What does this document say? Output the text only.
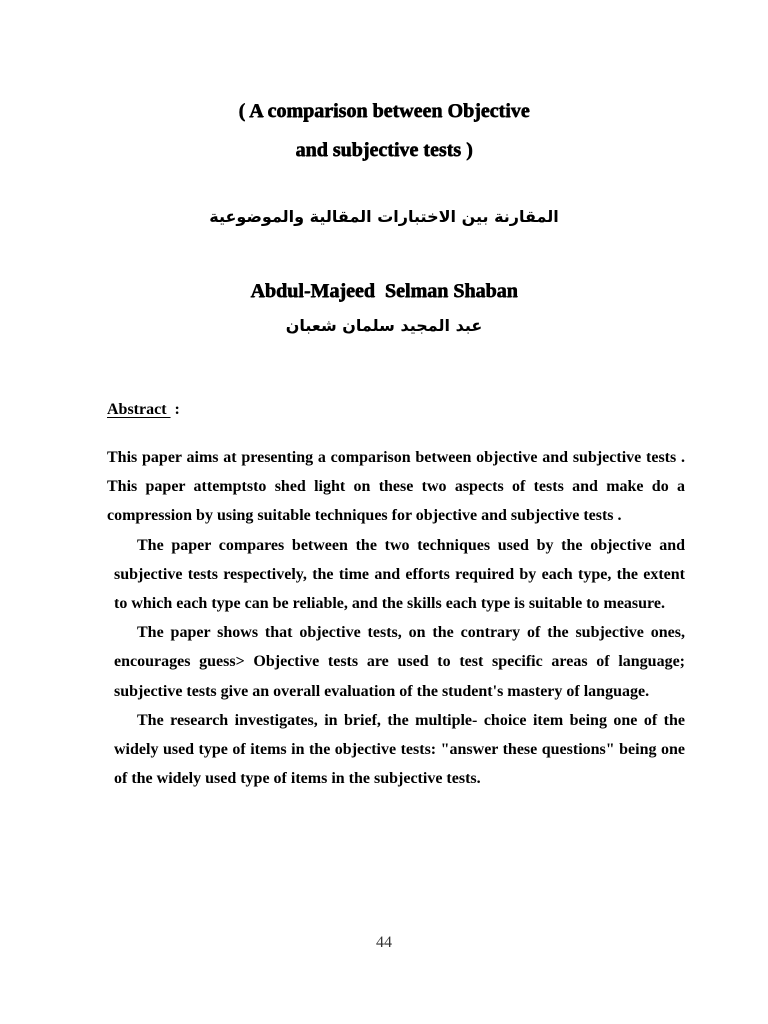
( A comparison between Objective
and subjective tests )

المقارنة بين الاختبارات المقالية والموضوعية

Abdul-Majeed  Selman Shaban

عبد المجيد سلمان شعبان

Abstract  :

This paper aims at presenting a comparison between objective and subjective tests . This paper attemptsto shed light on these two aspects of tests and make do a compression by using suitable techniques for objective and subjective tests .

The paper compares between the two techniques used by the objective and subjective tests respectively, the time and efforts required by each type, the extent to which each type can be reliable, and the skills each type is suitable to measure.

The paper shows that objective tests, on the contrary of the subjective ones, encourages guess> Objective tests are used to test specific areas of language; subjective tests give an overall evaluation of the student's mastery of language.

The research investigates, in brief, the multiple- choice item being one of the widely used type of items in the objective tests: "answer these questions" being one of the widely used type of items in the subjective tests.

44
